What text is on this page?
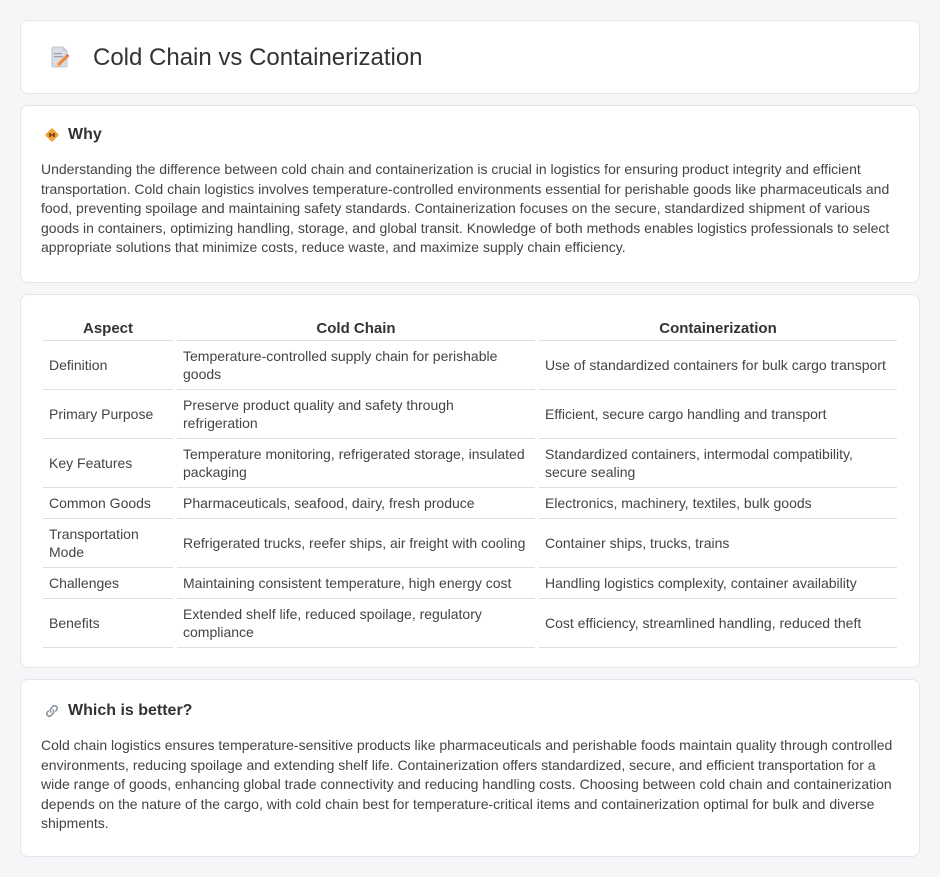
Cold Chain vs Containerization
Why

Understanding the difference between cold chain and containerization is crucial in logistics for ensuring product integrity and efficient transportation. Cold chain logistics involves temperature-controlled environments essential for perishable goods like pharmaceuticals and food, preventing spoilage and maintaining safety standards. Containerization focuses on the secure, standardized shipment of various goods in containers, optimizing handling, storage, and global transit. Knowledge of both methods enables logistics professionals to select appropriate solutions that minimize costs, reduce waste, and maximize supply chain efficiency.

Aspect	Cold Chain	Containerization
Definition	Temperature-controlled supply chain for perishable goods	Use of standardized containers for bulk cargo transport
Primary Purpose	Preserve product quality and safety through refrigeration	Efficient, secure cargo handling and transport
Key Features	Temperature monitoring, refrigerated storage, insulated packaging	Standardized containers, intermodal compatibility, secure sealing
Common Goods	Pharmaceuticals, seafood, dairy, fresh produce	Electronics, machinery, textiles, bulk goods
Transportation Mode	Refrigerated trucks, reefer ships, air freight with cooling	Container ships, trucks, trains
Challenges	Maintaining consistent temperature, high energy cost	Handling logistics complexity, container availability
Benefits	Extended shelf life, reduced spoilage, regulatory compliance	Cost efficiency, streamlined handling, reduced theft
Which is better?

Cold chain logistics ensures temperature-sensitive products like pharmaceuticals and perishable foods maintain quality through controlled environments, reducing spoilage and extending shelf life. Containerization offers standardized, secure, and efficient transportation for a wide range of goods, enhancing global trade connectivity and reducing handling costs. Choosing between cold chain and containerization depends on the nature of the cargo, with cold chain best for temperature-critical items and containerization optimal for bulk and diverse shipments.
